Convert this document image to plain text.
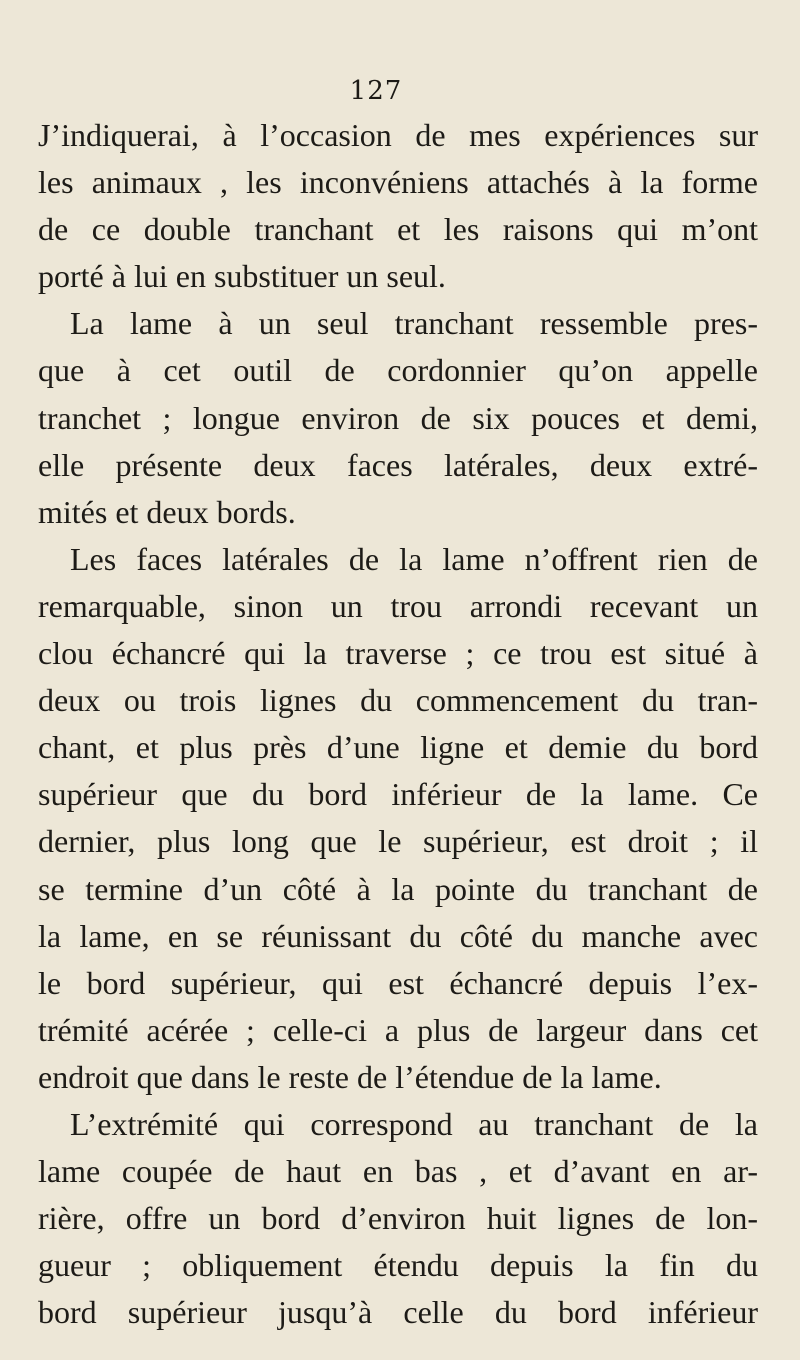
127
J’indiquerai, à l’occasion de mes expériences sur
les animaux , les inconvéniens attachés à la forme
de ce double tranchant et les raisons qui m’ont
porté à lui en substituer un seul.
La lame à un seul tranchant ressemble pres-
que à cet outil de cordonnier qu’on appelle
tranchet ; longue environ de six pouces et demi,
elle présente deux faces latérales, deux extré-
mités et deux bords.
Les faces latérales de la lame n’offrent rien de
remarquable, sinon un trou arrondi recevant un
clou échancré qui la traverse ; ce trou est situé à
deux ou trois lignes du commencement du tran-
chant, et plus près d’une ligne et demie du bord
supérieur que du bord inférieur de la lame. Ce
dernier, plus long que le supérieur, est droit ; il
se termine d’un côté à la pointe du tranchant de
la lame, en se réunissant du côté du manche avec
le bord supérieur, qui est échancré depuis l’ex-
trémité acérée ; celle-ci a plus de largeur dans cet
endroit que dans le reste de l’étendue de la lame.
L’extrémité qui correspond au tranchant de la
lame coupée de haut en bas , et d’avant en ar-
rière, offre un bord d’environ huit lignes de lon-
gueur ; obliquement étendu depuis la fin du
bord supérieur jusqu’à celle du bord inférieur
